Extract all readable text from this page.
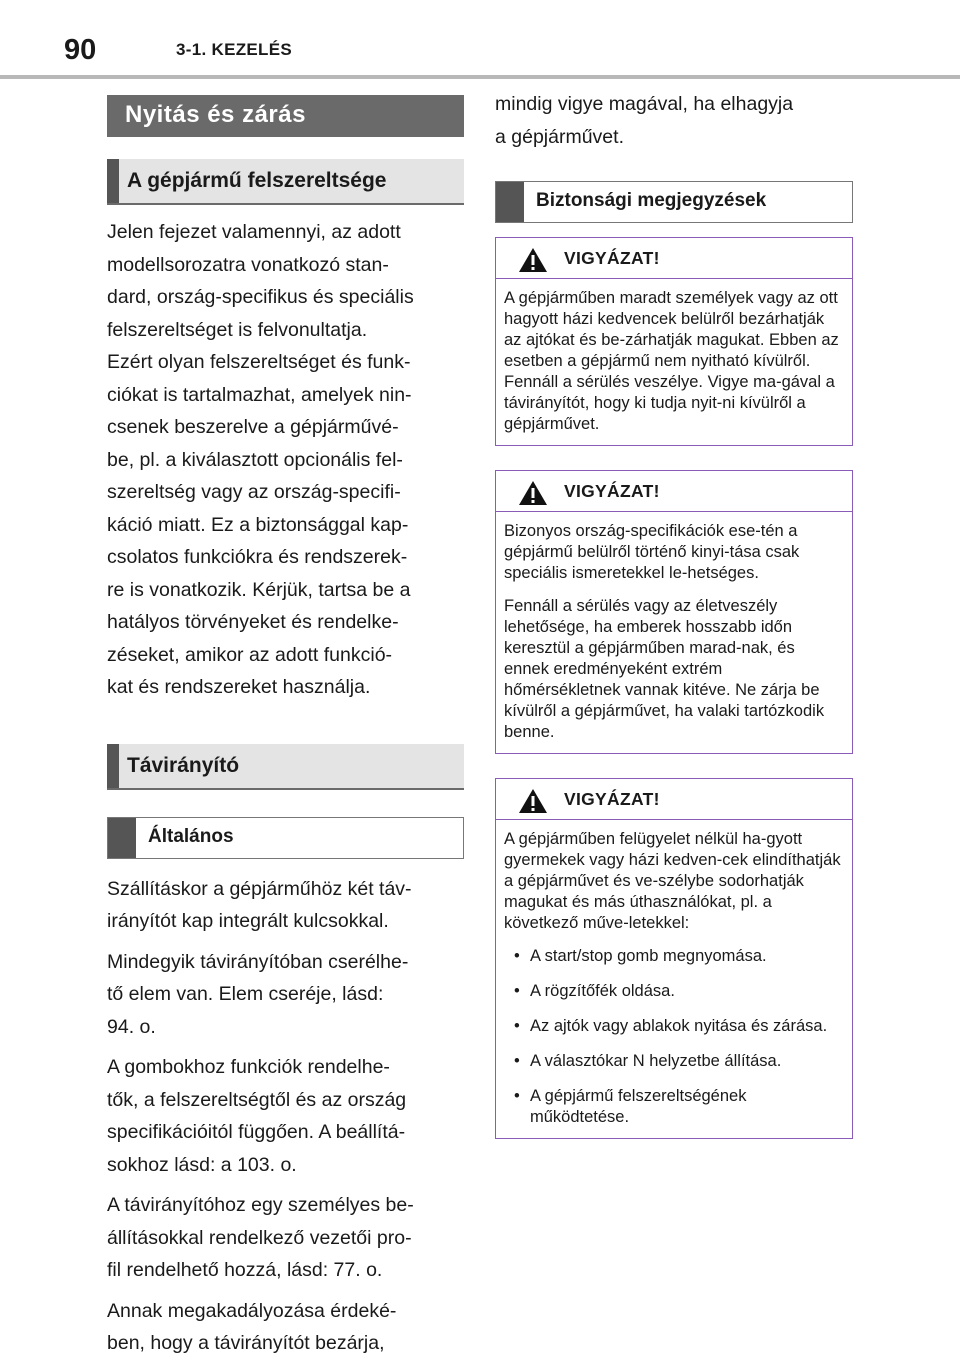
90	3-1. KEZELÉS
Nyitás és zárás
A gépjármű felszereltsége

Jelen fejezet valamennyi, az adott

modellsorozatra vonatkozó stan-

dard, ország-specifikus és speciális

felszereltséget is felvonultatja.

Ezért olyan felszereltséget és funk-

ciókat is tartalmazhat, amelyek nin-

csenek beszerelve a gépjárművé-

be, pl. a kiválasztott opcionális fel-

szereltség vagy az ország-specifi-

káció miatt. Ez a biztonsággal kap-

csolatos funkciókra és rendszerek-

re is vonatkozik. Kérjük, tartsa be a

hatályos törvényeket és rendelke-

zéseket, amikor az adott funkció-

kat és rendszereket használja.

Távirányító
Általános

Szállításkor a gépjárműhöz két táv-

irányítót kap integrált kulcsokkal.

Mindegyik távirányítóban cserélhe-

tő elem van. Elem cseréje, lásd:

94. o.

A gombokhoz funkciók rendelhe-

tők, a felszereltségtől és az ország

specifikációitól függően. A beállítá-

sokhoz lásd: a 103. o.

A távirányítóhoz egy személyes be-

állításokkal rendelkező vezetői pro-

fil rendelhető hozzá, lásd: 77. o.

Annak megakadályozása érdeké-

ben, hogy a távirányítót bezárja,

mindig vigye magával, ha elhagyja

a gépjárművet.

Biztonsági megjegyzések
VIGYÁZAT!

A gépjárműben maradt személyek vagy az ott hagyott házi kedvencek belülről bezárhatják az ajtókat és be-zárhatják magukat. Ebben az esetben a gépjármű nem nyitható kívülről. Fennáll a sérülés veszélye. Vigye ma-gával a távirányítót, hogy ki tudja nyit-ni kívülről a gépjárművet.

VIGYÁZAT!

Bizonyos ország-specifikációk ese-tén a gépjármű belülről történő kinyi-tása csak speciális ismeretekkel le-hetséges.

Fennáll a sérülés vagy az életveszély lehetősége, ha emberek hosszabb időn keresztül a gépjárműben marad-nak, és ennek eredményeként extrém hőmérsékletnek vannak kitéve. Ne zárja be kívülről a gépjárművet, ha valaki tartózkodik benne.

VIGYÁZAT!

A gépjárműben felügyelet nélkül ha-gyott gyermekek vagy házi kedven-cek elindíthatják a gépjárművet és ve-szélybe sodorhatják magukat és más úthasználókat, pl. a következő műve-letekkel:

• A start/stop gomb megnyomása.
• A rögzítőfék oldása.
• Az ajtók vagy ablakok nyitása és zárása.
• A választókar N helyzetbe állítása.
• A gépjármű felszereltségének működtetése.
